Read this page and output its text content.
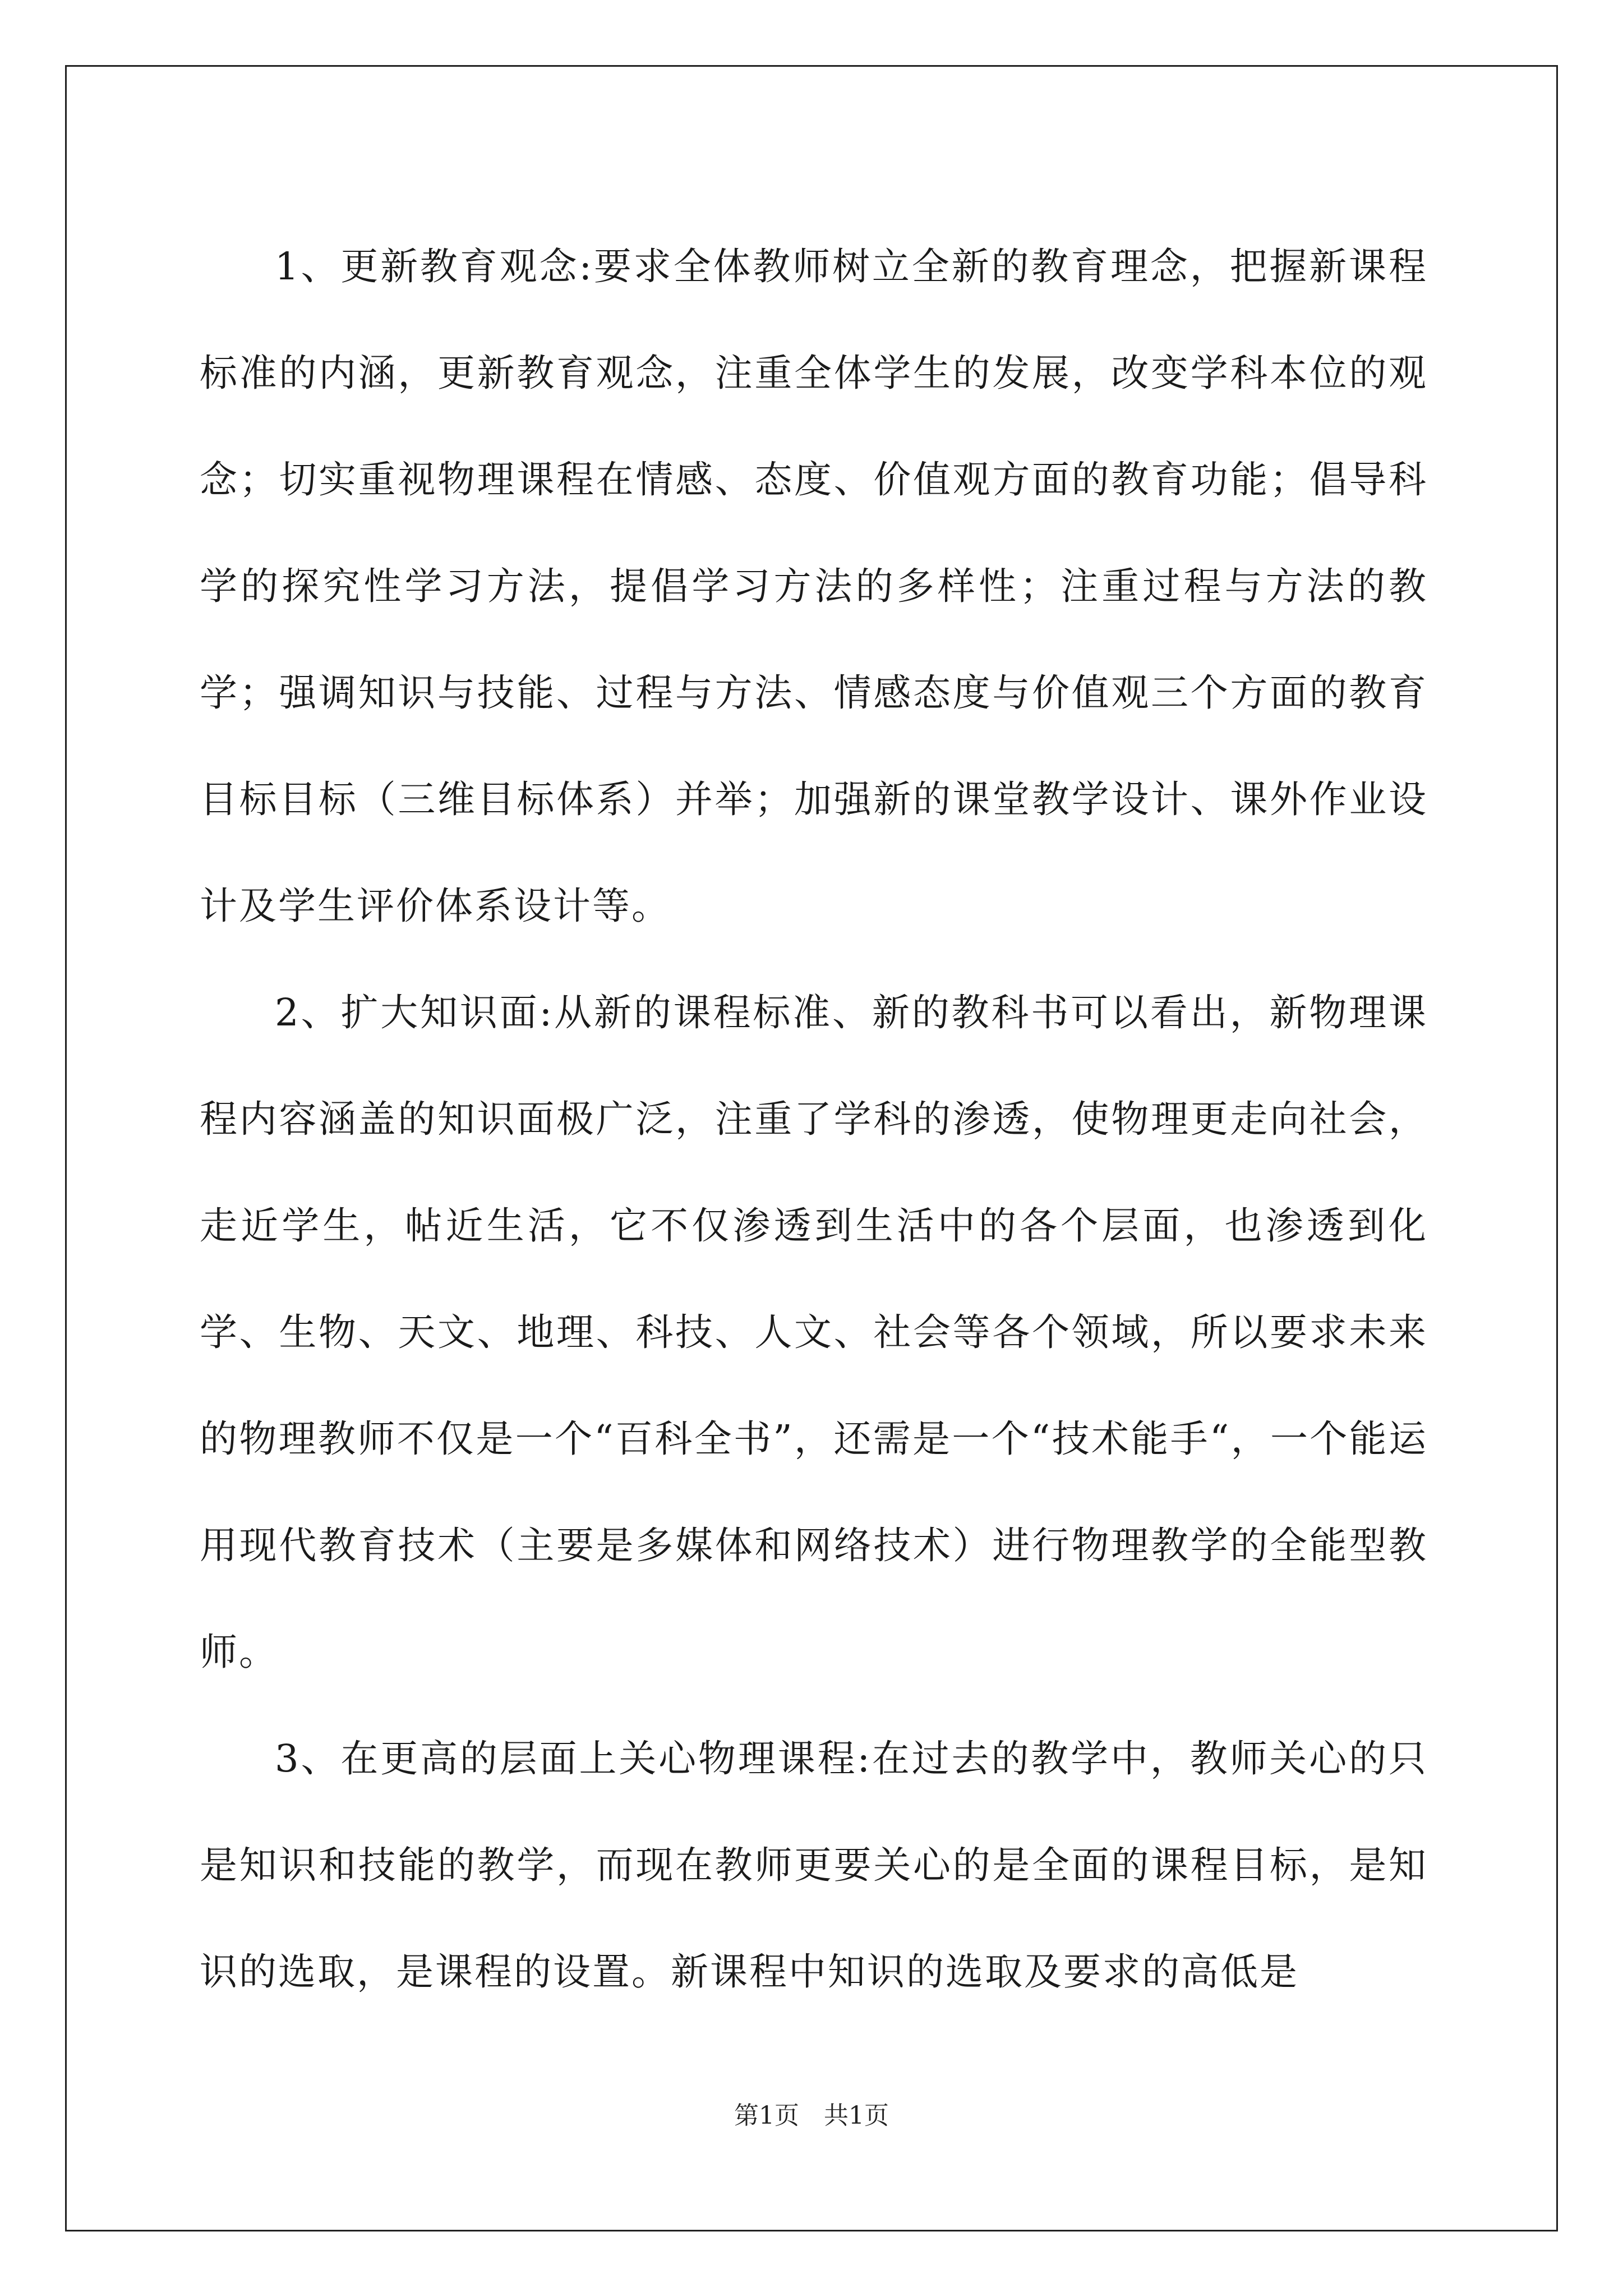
1、更新教育观念:要求全体教师树立全新的教育理念，把握新课程标准的内涵，更新教育观念，注重全体学生的发展，改变学科本位的观念；切实重视物理课程在情感、态度、价值观方面的教育功能；倡导科学的探究性学习方法，提倡学习方法的多样性；注重过程与方法的教学；强调知识与技能、过程与方法、情感态度与价值观三个方面的教育目标目标（三维目标体系）并举；加强新的课堂教学设计、课外作业设计及学生评价体系设计等。

2、扩大知识面:从新的课程标准、新的教科书可以看出，新物理课程内容涵盖的知识面极广泛，注重了学科的渗透，使物理更走向社会，走近学生，帖近生活，它不仅渗透到生活中的各个层面，也渗透到化学、生物、天文、地理、科技、人文、社会等各个领域，所以要求未来的物理教师不仅是一个“百科全书”，还需是一个“技术能手“，一个能运用现代教育技术（主要是多媒体和网络技术）进行物理教学的全能型教师。

3、在更高的层面上关心物理课程:在过去的教学中，教师关心的只是知识和技能的教学，而现在教师更要关心的是全面的课程目标，是知识的选取，是课程的设置。新课程中知识的选取及要求的高低是

第1页 共1页
